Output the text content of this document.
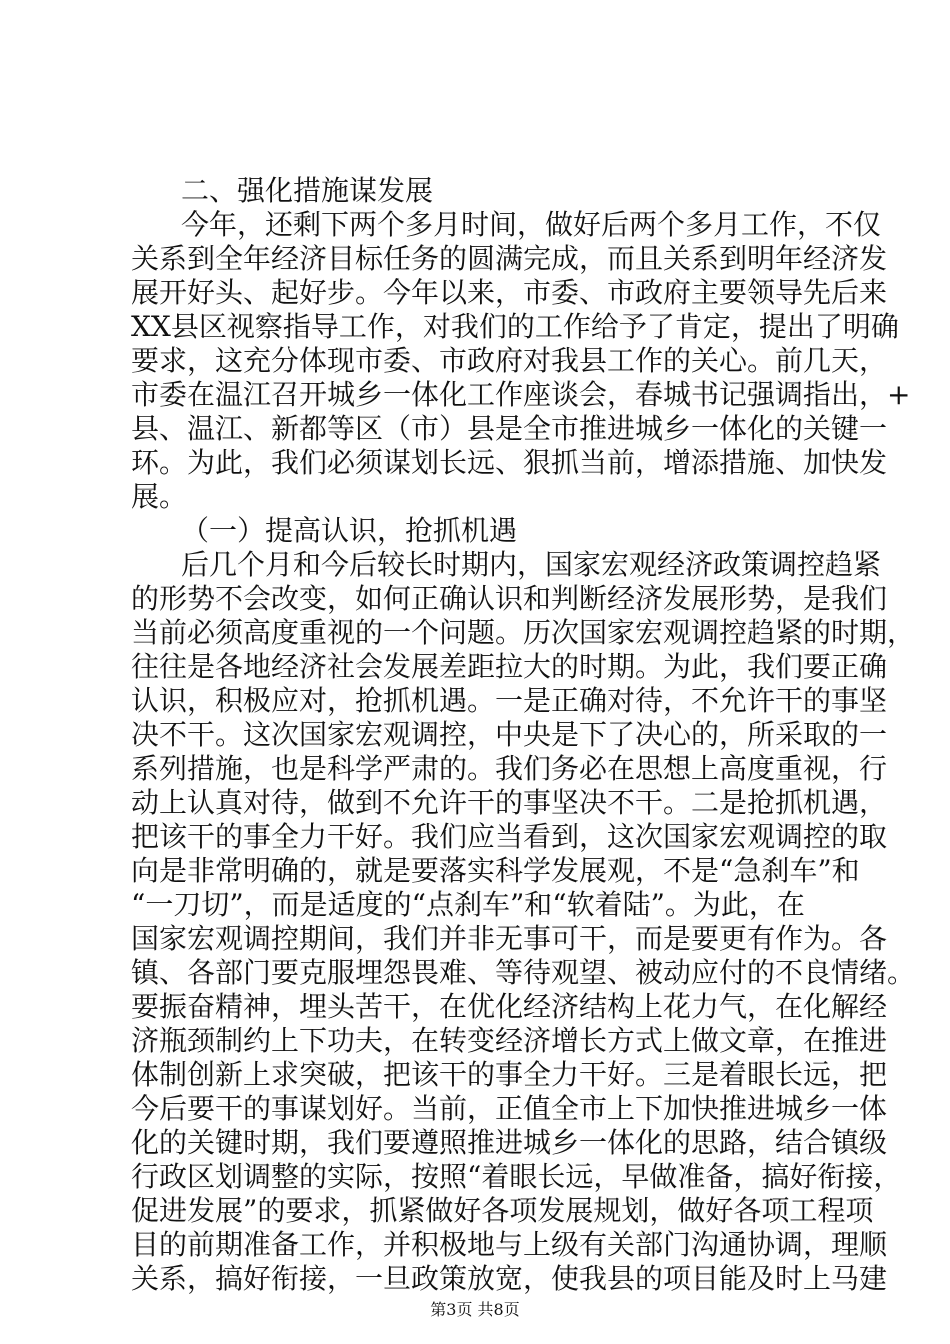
二、强化措施谋发展
今年，还剩下两个多月时间，做好后两个多月工作，不仅
关系到全年经济目标任务的圆满完成，而且关系到明年经济发
展开好头、起好步。今年以来，市委、市政府主要领导先后来
XX县区视察指导工作，对我们的工作给予了肯定，提出了明确
要求，这充分体现市委、市政府对我县工作的关心。前几天，
市委在温江召开城乡一体化工作座谈会，春城书记强调指出，+
县、温江、新都等区（市）县是全市推进城乡一体化的关键一
环。为此，我们必须谋划长远、狠抓当前，增添措施、加快发
展。
（一）提高认识，抢抓机遇
后几个月和今后较长时期内，国家宏观经济政策调控趋紧
的形势不会改变，如何正确认识和判断经济发展形势，是我们
当前必须高度重视的一个问题。历次国家宏观调控趋紧的时期，
往往是各地经济社会发展差距拉大的时期。为此，我们要正确
认识，积极应对，抢抓机遇。一是正确对待，不允许干的事坚
决不干。这次国家宏观调控，中央是下了决心的，所采取的一
系列措施，也是科学严肃的。我们务必在思想上高度重视，行
动上认真对待，做到不允许干的事坚决不干。二是抢抓机遇，
把该干的事全力干好。我们应当看到，这次国家宏观调控的取
向是非常明确的，就是要落实科学发展观，不是“急刹车”和
“一刀切”，而是适度的“点刹车”和“软着陆”。为此，在
国家宏观调控期间，我们并非无事可干，而是要更有作为。各
镇、各部门要克服埋怨畏难、等待观望、被动应付的不良情绪。
要振奋精神，埋头苦干，在优化经济结构上花力气，在化解经
济瓶颈制约上下功夫，在转变经济增长方式上做文章，在推进
体制创新上求突破，把该干的事全力干好。三是着眼长远，把
今后要干的事谋划好。当前，正值全市上下加快推进城乡一体
化的关键时期，我们要遵照推进城乡一体化的思路，结合镇级
行政区划调整的实际，按照“着眼长远，早做准备，搞好衔接，
促进发展”的要求，抓紧做好各项发展规划，做好各项工程项
目的前期准备工作，并积极地与上级有关部门沟通协调，理顺
关系，搞好衔接，一旦政策放宽，使我县的项目能及时上马建
第3页 共8页
